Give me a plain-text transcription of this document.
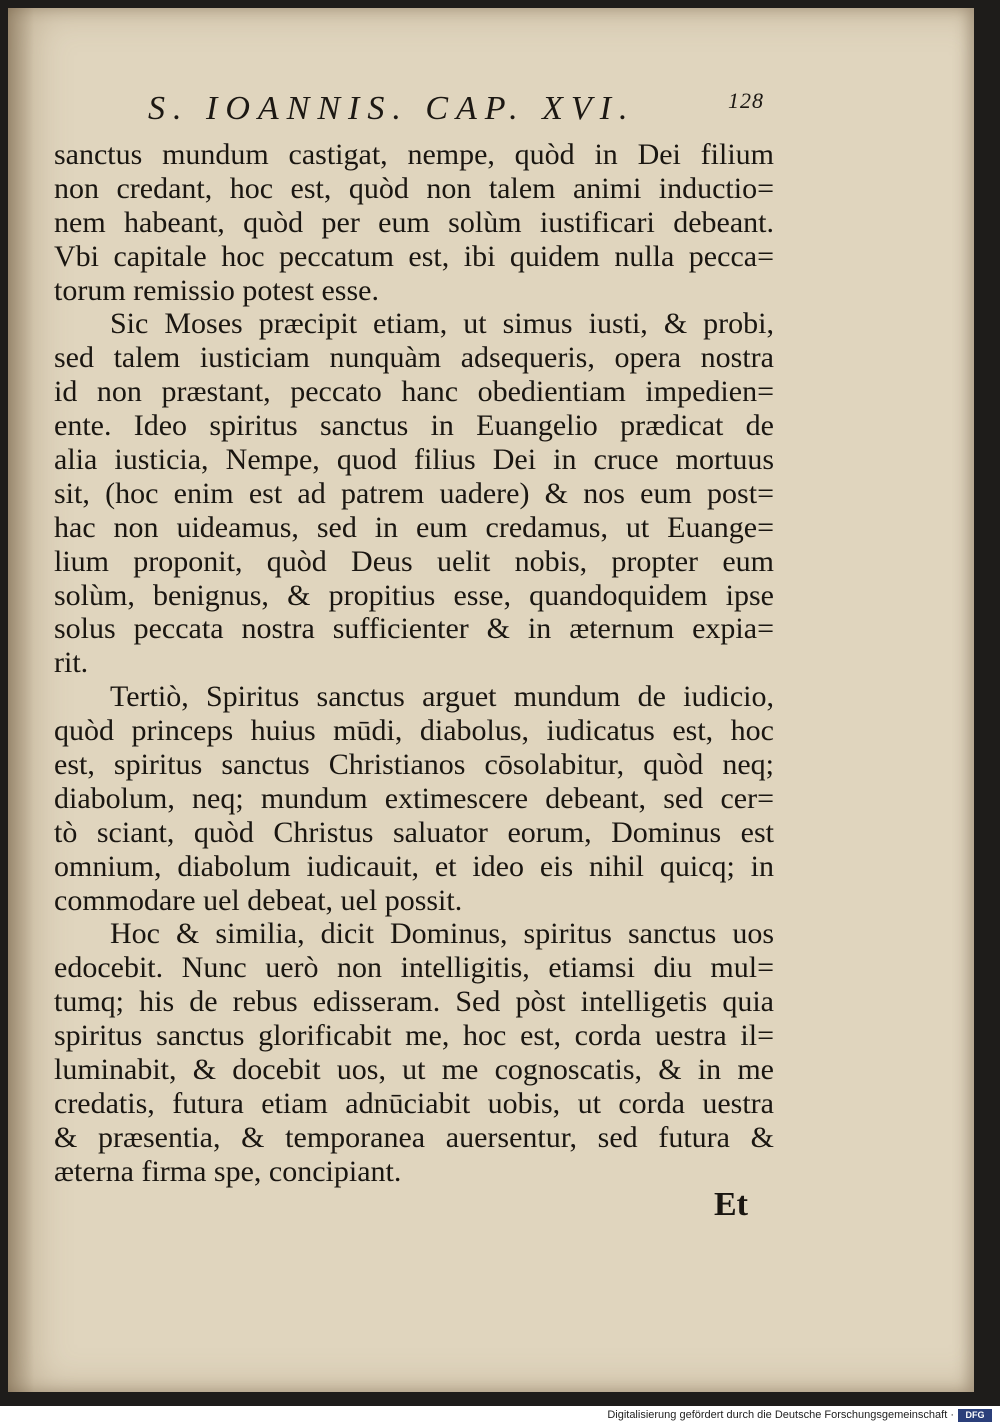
S. IOANNIS. CAP. XVI.	128
sanctus mundum castigat, nempe, quòd in Dei filium
non credant, hoc est, quòd non talem animi inductio=
nem habeant, quòd per eum solùm iustificari debeant.
Vbi capitale hoc peccatum est, ibi quidem nulla pecca=
torum remissio potest esse.
Sic Moses præcipit etiam, ut simus iusti, & probi,
sed talem iusticiam nunquàm adsequeris, opera nostra
id non præstant, peccato hanc obedientiam impedien=
ente. Ideo spiritus sanctus in Euangelio prædicat de
alia iusticia, Nempe, quod filius Dei in cruce mortuus
sit, (hoc enim est ad patrem uadere) & nos eum post=
hac non uideamus, sed in eum credamus, ut Euange=
lium proponit, quòd Deus uelit nobis, propter eum
solùm, benignus, & propitius esse, quandoquidem ipse
solus peccata nostra sufficienter & in æternum expia=
rit.
Tertiò, Spiritus sanctus arguet mundum de iudicio,
quòd princeps huius mūdi, diabolus, iudicatus est, hoc
est, spiritus sanctus Christianos cōsolabitur, quòd neq;
diabolum, neq; mundum extimescere debeant, sed cer=
tò sciant, quòd Christus saluator eorum, Dominus est
omnium, diabolum iudicauit, et ideo eis nihil quicq; in
commodare uel debeat, uel possit.
Hoc & similia, dicit Dominus, spiritus sanctus uos
edocebit. Nunc uerò non intelligitis, etiamsi diu mul=
tumq; his de rebus edisseram. Sed pòst intelligetis quia
spiritus sanctus glorificabit me, hoc est, corda uestra il=
luminabit, & docebit uos, ut me cognoscatis, & in me
credatis, futura etiam adnūciabit uobis, ut corda uestra
& præsentia, & temporanea auersentur, sed futura &
æterna firma spe, concipiant.
Et
Digitalisierung gefördert durch die Deutsche Forschungsgemeinschaft ·	DFG
